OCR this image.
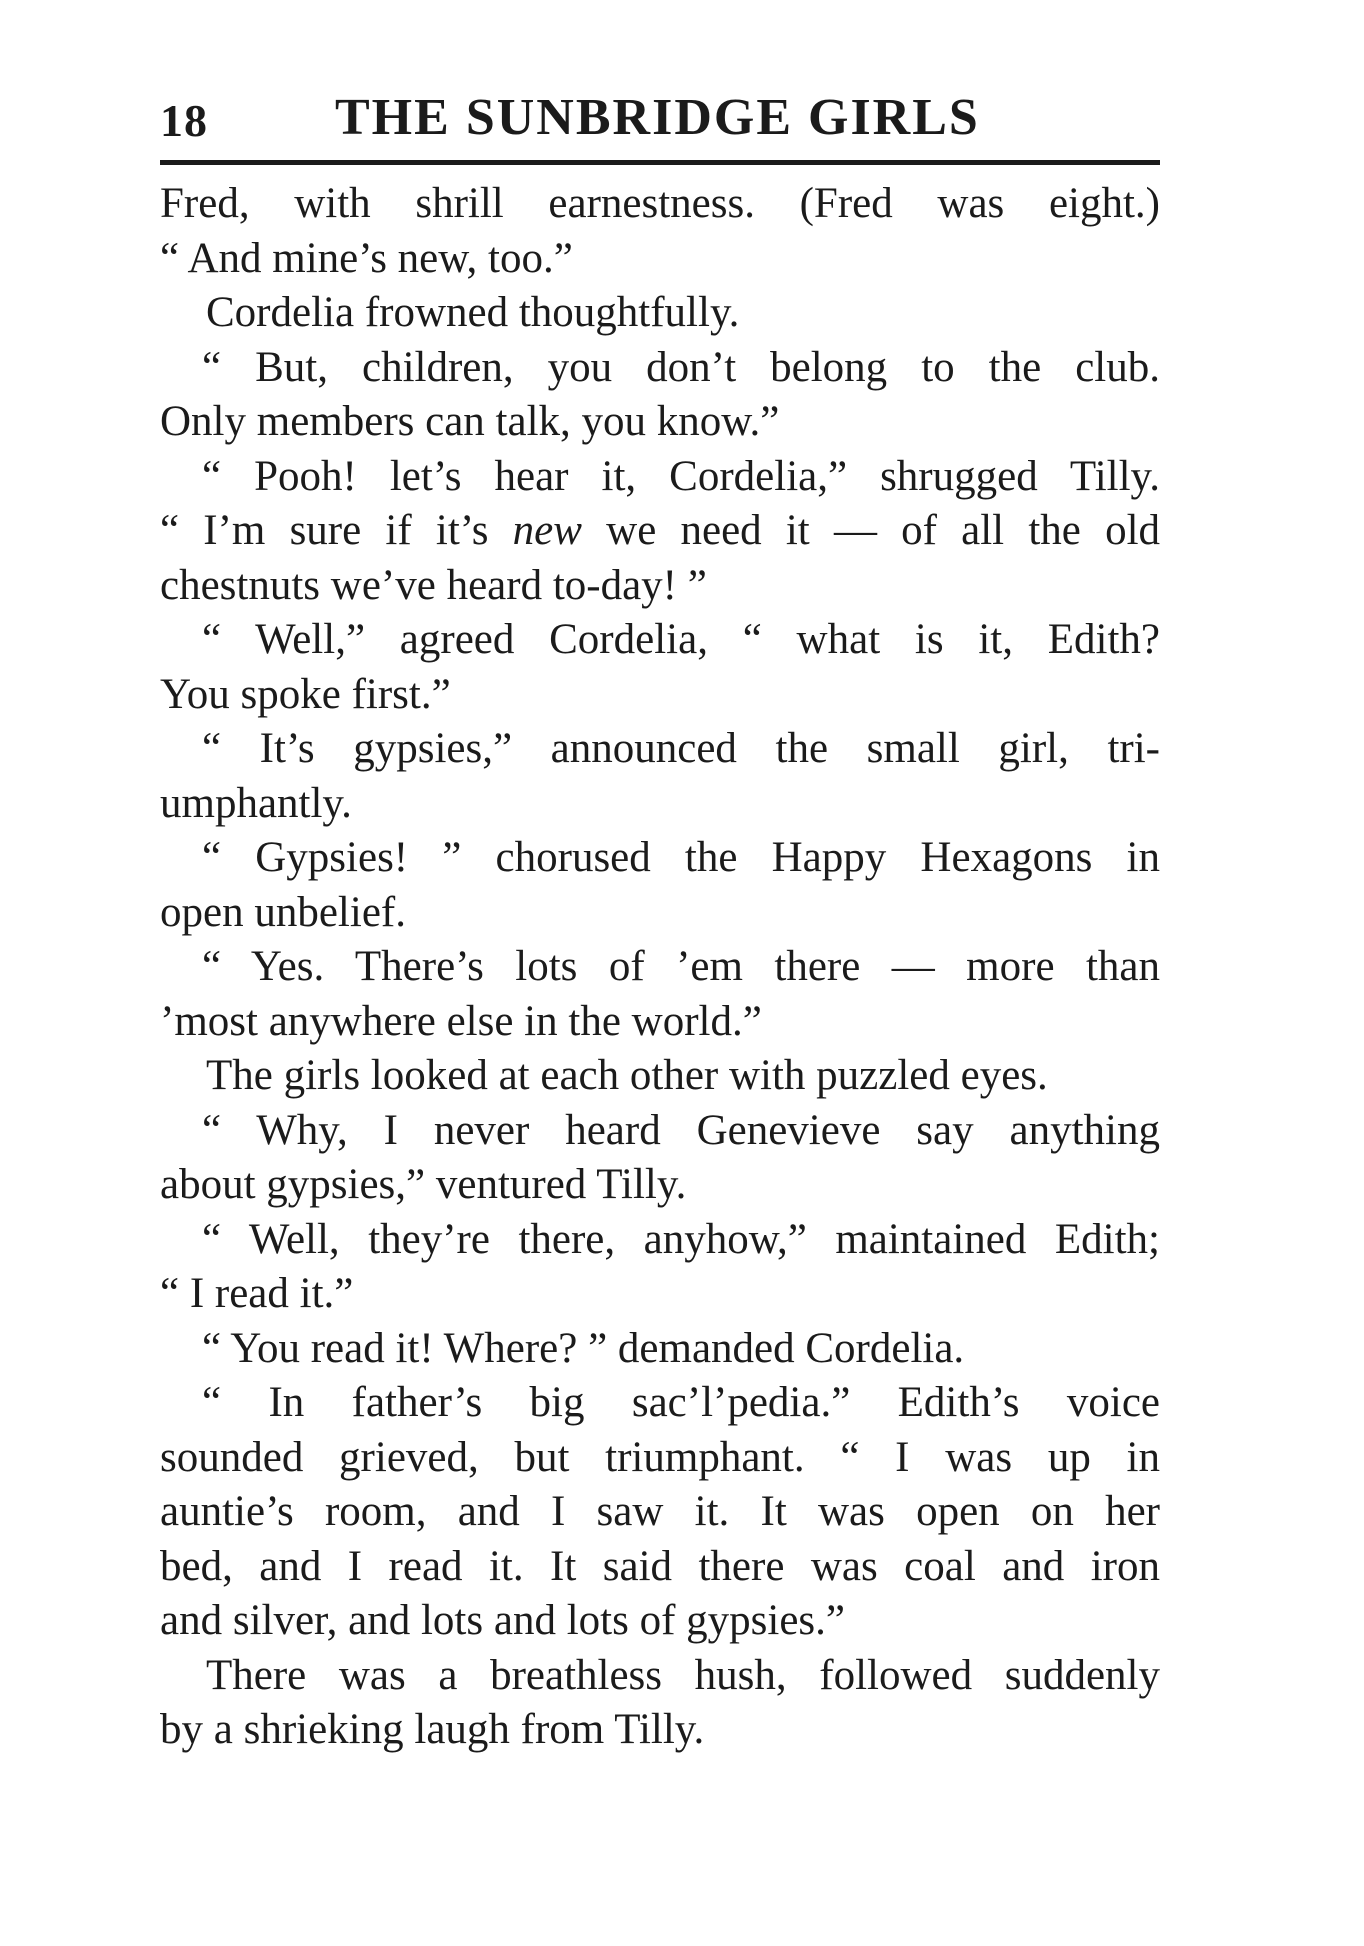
18 THE SUNBRIDGE GIRLS
Fred, with shrill earnestness. (Fred was eight.)
“ And mine’s new, too.”
Cordelia frowned thoughtfully.
“ But, children, you don’t belong to the club.
Only members can talk, you know.”
“ Pooh! let’s hear it, Cordelia,” shrugged Tilly.
“ I’m sure if it’s new we need it — of all the old
chestnuts we’ve heard to-day! ”
“ Well,” agreed Cordelia, “ what is it, Edith?
You spoke first.”
“ It’s gypsies,” announced the small girl, tri-
umphantly.
“ Gypsies! ” chorused the Happy Hexagons in
open unbelief.
“ Yes. There’s lots of ’em there — more than
’most anywhere else in the world.”
The girls looked at each other with puzzled eyes.
“ Why, I never heard Genevieve say anything
about gypsies,” ventured Tilly.
“ Well, they’re there, anyhow,” maintained Edith;
“ I read it.”
“ You read it! Where? ” demanded Cordelia.
“ In father’s big sac’l’pedia.” Edith’s voice
sounded grieved, but triumphant. “ I was up in
auntie’s room, and I saw it. It was open on her
bed, and I read it. It said there was coal and iron
and silver, and lots and lots of gypsies.”
There was a breathless hush, followed suddenly
by a shrieking laugh from Tilly.
